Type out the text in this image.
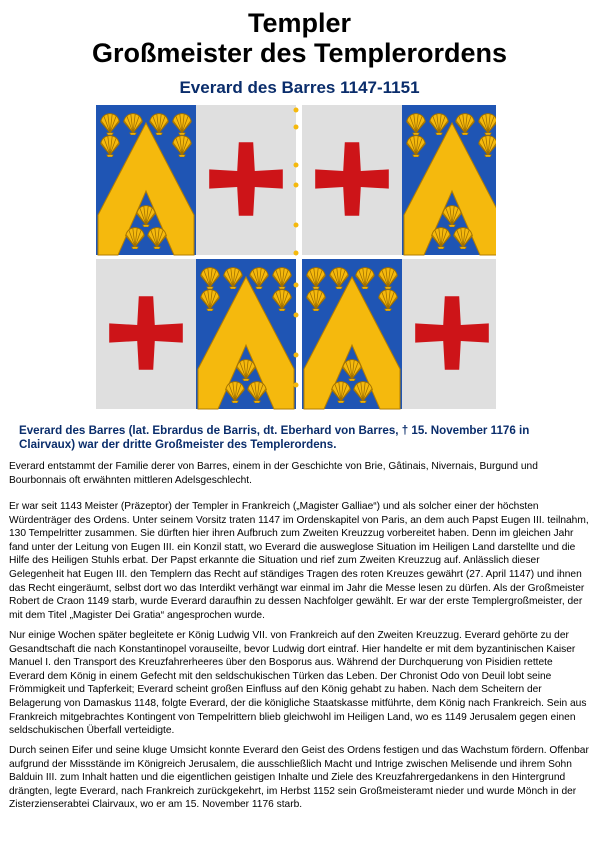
Templer
Großmeister des Templerordens
Everard des Barres 1147-1151
Everard des Barres (lat. Ebrardus de Barris, dt. Eberhard von Barres, † 15. November 1176 in Clairvaux) war der dritte Großmeister des Templerordens.
Everard entstammt der Familie derer von Barres, einem in der Geschichte von Brie, Gâtinais, Nivernais, Burgund und Bourbonnais oft erwähnten mittleren Adelsgeschlecht.
Er war seit 1143 Meister (Präzeptor) der Templer in Frankreich („Magister Galliae“) und als solcher einer der höchsten Würdenträger des Ordens. Unter seinem Vorsitz traten 1147 im Ordenskapitel von Paris, an dem auch Papst Eugen III. teilnahm, 130 Tempelritter zusammen. Sie dürften hier ihren Aufbruch zum Zweiten Kreuzzug vorbereitet haben. Denn im gleichen Jahr fand unter der Leitung von Eugen III. ein Konzil statt, wo Everard die ausweglose Situation im Heiligen Land darstellte und die Hilfe des Heiligen Stuhls erbat. Der Papst erkannte die Situation und rief zum Zweiten Kreuzzug auf. Anlässlich dieser Gelegenheit hat Eugen III. den Templern das Recht auf ständiges Tragen des roten Kreuzes gewährt (27. April 1147) und ihnen das Recht eingeräumt, selbst dort wo das Interdikt verhängt war einmal im Jahr die Messe lesen zu dürfen. Als der Großmeister Robert de Craon 1149 starb, wurde Everard daraufhin zu dessen Nachfolger gewählt. Er war der erste Templergroßmeister, der mit dem Titel „Magister Dei Gratia“ angesprochen wurde.
Nur einige Wochen später begleitete er König Ludwig VII. von Frankreich auf den Zweiten Kreuzzug. Everard gehörte zu der Gesandtschaft die nach Konstantinopel vorauseilte, bevor Ludwig dort eintraf. Hier handelte er mit dem byzantinischen Kaiser Manuel I. den Transport des Kreuzfahrerheeres über den Bosporus aus. Während der Durchquerung von Pisidien rettete Everard dem König in einem Gefecht mit den seldschukischen Türken das Leben. Der Chronist Odo von Deuil lobt seine Frömmigkeit und Tapferkeit; Everard scheint großen Einfluss auf den König gehabt zu haben. Nach dem Scheitern der Belagerung von Damaskus 1148, folgte Everard, der die königliche Staatskasse mitführte, dem König nach Frankreich. Sein aus Frankreich mitgebrachtes Kontingent von Tempelrittern blieb gleichwohl im Heiligen Land, wo es 1149 Jerusalem gegen einen seldschukischen Überfall verteidigte.
Durch seinen Eifer und seine kluge Umsicht konnte Everard den Geist des Ordens festigen und das Wachstum fördern. Offenbar aufgrund der Missstände im Königreich Jerusalem, die ausschließlich Macht und Intrige zwischen Melisende und ihrem Sohn Balduin III. zum Inhalt hatten und die eigentlichen geistigen Inhalte und Ziele des Kreuzfahrergedankens in den Hintergrund drängten, legte Everard, nach Frankreich zurückgekehrt, im Herbst 1152 sein Großmeisteramt nieder und wurde Mönch in der Zisterzienserabtei Clairvaux, wo er am 15. November 1176 starb.
